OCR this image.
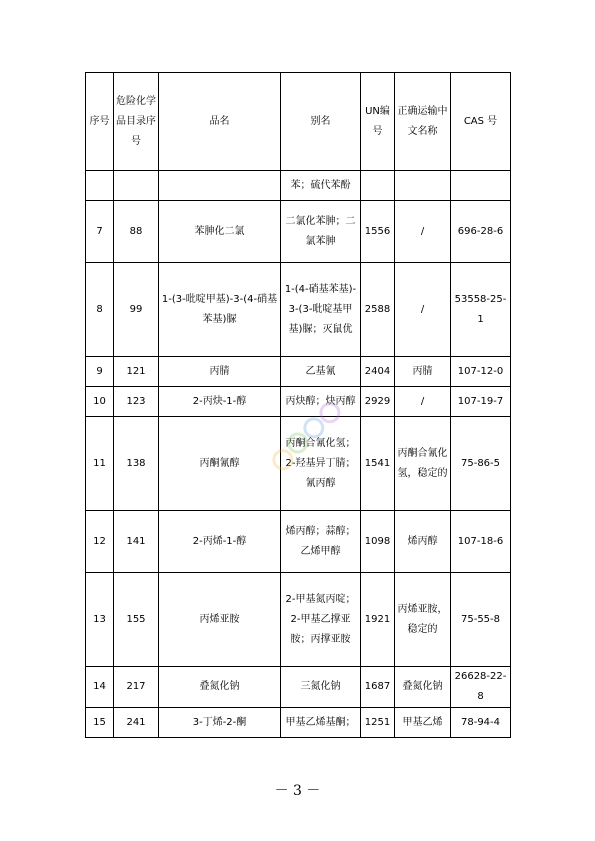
序号	危险化学品目录序号	品名	别名	UN编号	正确运输中文名称	CAS 号
			苯；硫代苯酚			
7	88	苯胂化二氯	二氯化苯胂；二氯苯胂	1556	/	696-28-6
8	99	1-(3-吡啶甲基)-3-(4-硝基苯基)脲	1-(4-硝基苯基)-3-(3-吡啶基甲基)脲；灭鼠优	2588	/	53558-25-1
9	121	丙腈	乙基氰	2404	丙腈	107-12-0
10	123	2-丙炔-1-醇	丙炔醇；炔丙醇	2929	/	107-19-7
11	138	丙酮氰醇	丙酮合氰化氢；2-羟基异丁腈；氰丙醇	1541	丙酮合氰化氢，稳定的	75-86-5
12	141	2-丙烯-1-醇	烯丙醇；蒜醇；乙烯甲醇	1098	烯丙醇	107-18-6
13	155	丙烯亚胺	2-甲基氮丙啶；2-甲基乙撑亚胺；丙撑亚胺	1921	丙烯亚胺，稳定的	75-55-8
14	217	叠氮化钠	三氮化钠	1687	叠氮化钠	26628-22-8
15	241	3-丁烯-2-酮	甲基乙烯基酮；	1251	甲基乙烯	78-94-4
－ 3 －
